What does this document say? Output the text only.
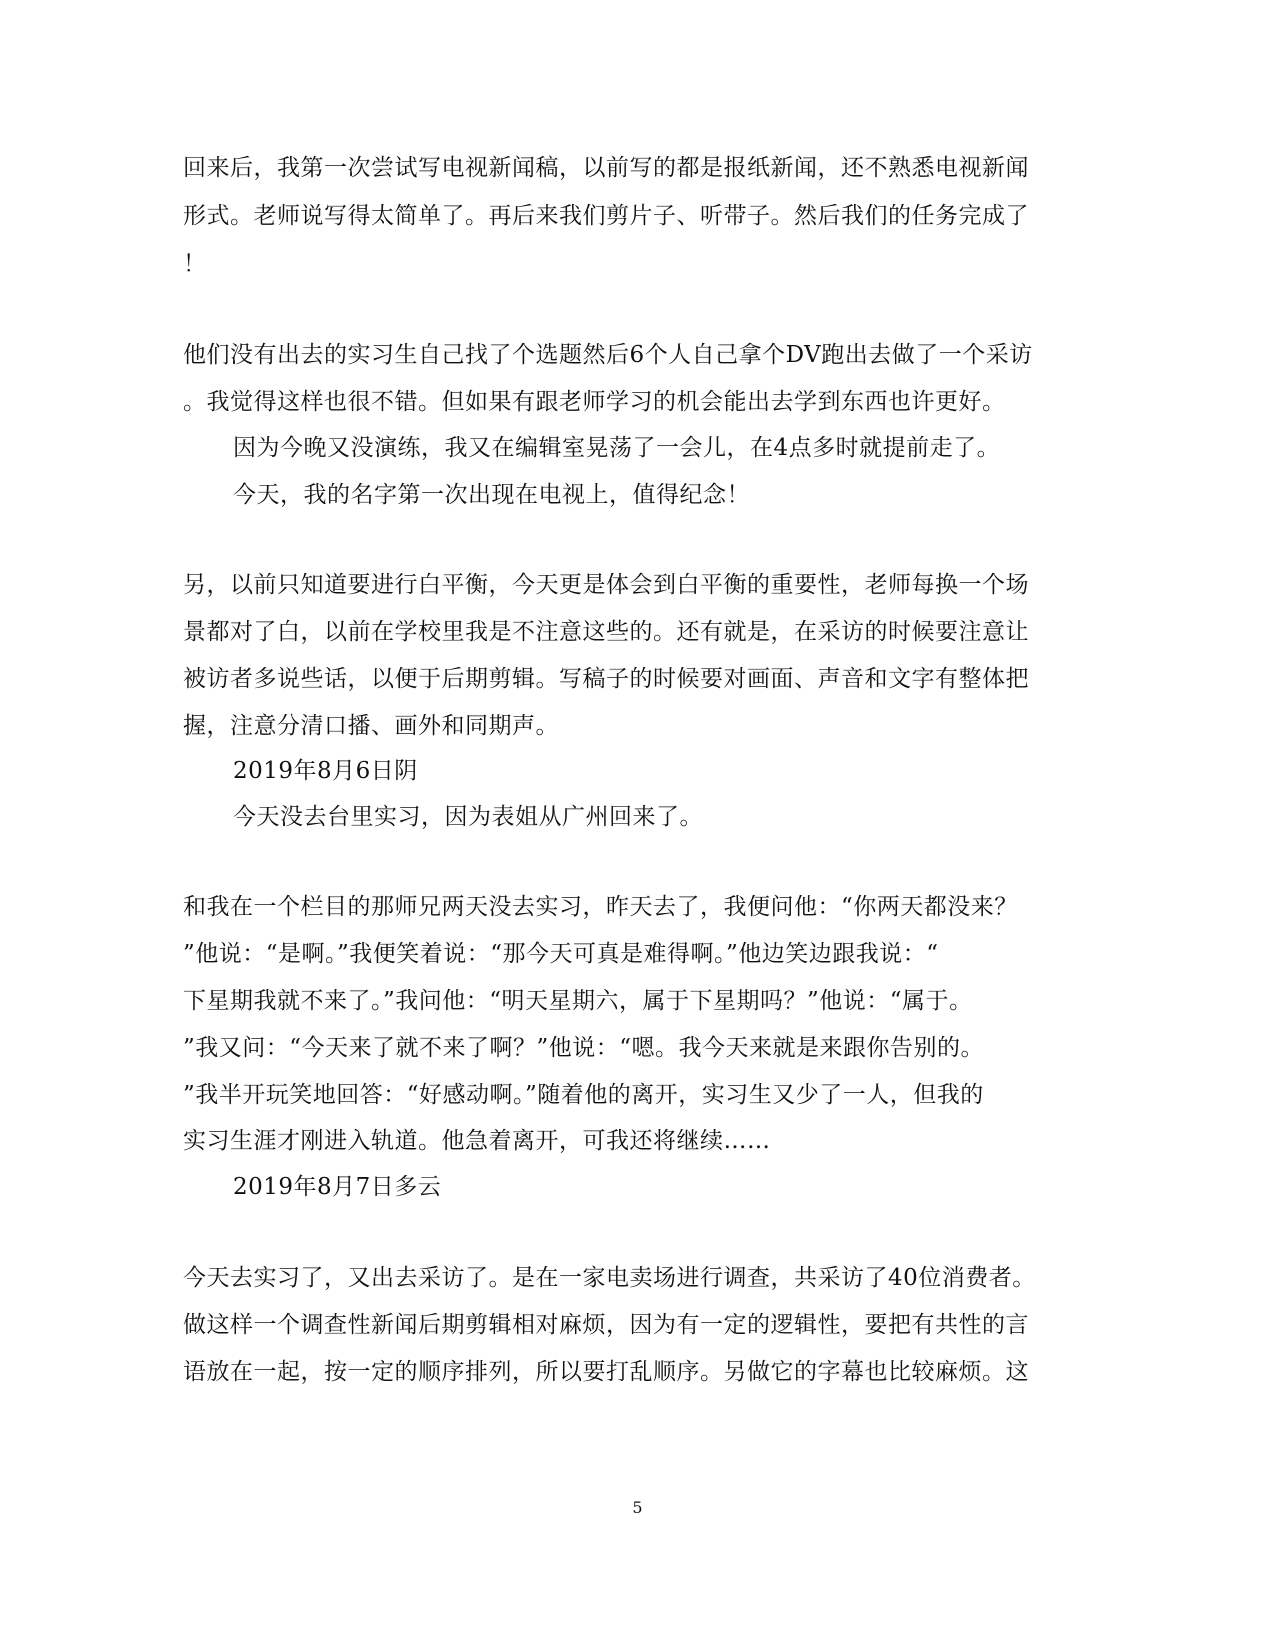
回来后，我第一次尝试写电视新闻稿，以前写的都是报纸新闻，还不熟悉电视新闻
形式。老师说写得太简单了。再后来我们剪片子、听带子。然后我们的任务完成了
！
他们没有出去的实习生自己找了个选题然后6个人自己拿个DV跑出去做了一个采访
。我觉得这样也很不错。但如果有跟老师学习的机会能出去学到东西也许更好。
因为今晚又没演练，我又在编辑室晃荡了一会儿，在4点多时就提前走了。
今天，我的名字第一次出现在电视上，值得纪念！
另，以前只知道要进行白平衡，今天更是体会到白平衡的重要性，老师每换一个场
景都对了白，以前在学校里我是不注意这些的。还有就是，在采访的时候要注意让
被访者多说些话，以便于后期剪辑。写稿子的时候要对画面、声音和文字有整体把
握，注意分清口播、画外和同期声。
2019年8月6日阴
今天没去台里实习，因为表姐从广州回来了。
和我在一个栏目的那师兄两天没去实习，昨天去了，我便问他：“你两天都没来？
”他说：“是啊。”我便笑着说：“那今天可真是难得啊。”他边笑边跟我说：“
下星期我就不来了。”我问他：“明天星期六，属于下星期吗？”他说：“属于。
”我又问：“今天来了就不来了啊？”他说：“嗯。我今天来就是来跟你告别的。
”我半开玩笑地回答：“好感动啊。”随着他的离开，实习生又少了一人，但我的
实习生涯才刚进入轨道。他急着离开，可我还将继续……
2019年8月7日多云
今天去实习了，又出去采访了。是在一家电卖场进行调查，共采访了40位消费者。
做这样一个调查性新闻后期剪辑相对麻烦，因为有一定的逻辑性，要把有共性的言
语放在一起，按一定的顺序排列，所以要打乱顺序。另做它的字幕也比较麻烦。这
5
